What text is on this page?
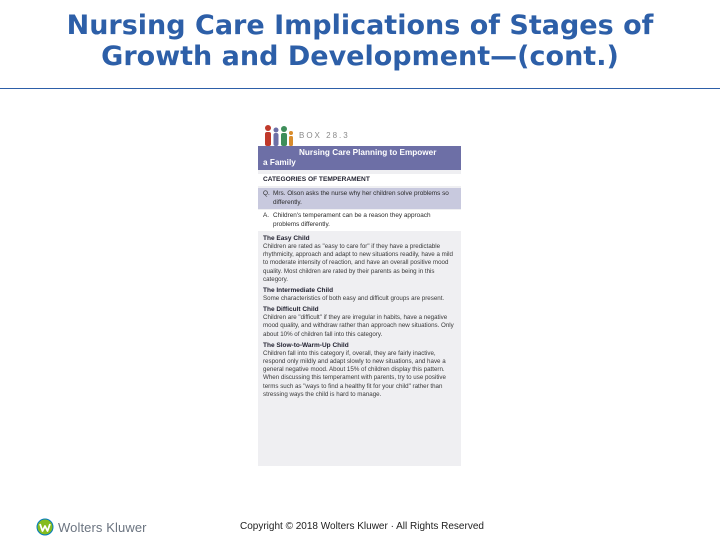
Nursing Care Implications of Stages of
Growth and Development—(cont.)
BOX 28.3
Nursing Care Planning to Empower
a Family
CATEGORIES OF TEMPERAMENT
Q. Mrs. Olson asks the nurse why her children solve problems so differently.
A. Children's temperament can be a reason they approach problems differently.
The Easy Child
Children are rated as "easy to care for" if they have a predictable rhythmicity, approach and adapt to new situations readily, have a mild to moderate intensity of reaction, and have an overall positive mood quality. Most children are rated by their parents as being in this category.
The Intermediate Child
Some characteristics of both easy and difficult groups are present.
The Difficult Child
Children are "difficult" if they are irregular in habits, have a negative mood quality, and withdraw rather than approach new situations. Only about 10% of children fall into this category.
The Slow-to-Warm-Up Child
Children fall into this category if, overall, they are fairly inactive, respond only mildly and adapt slowly to new situations, and have a general negative mood. About 15% of children display this pattern. When discussing this temperament with parents, try to use positive terms such as "ways to find a healthy fit for your child" rather than stressing ways the child is hard to manage.
Wolters Kluwer	Copyright © 2018 Wolters Kluwer · All Rights Reserved
